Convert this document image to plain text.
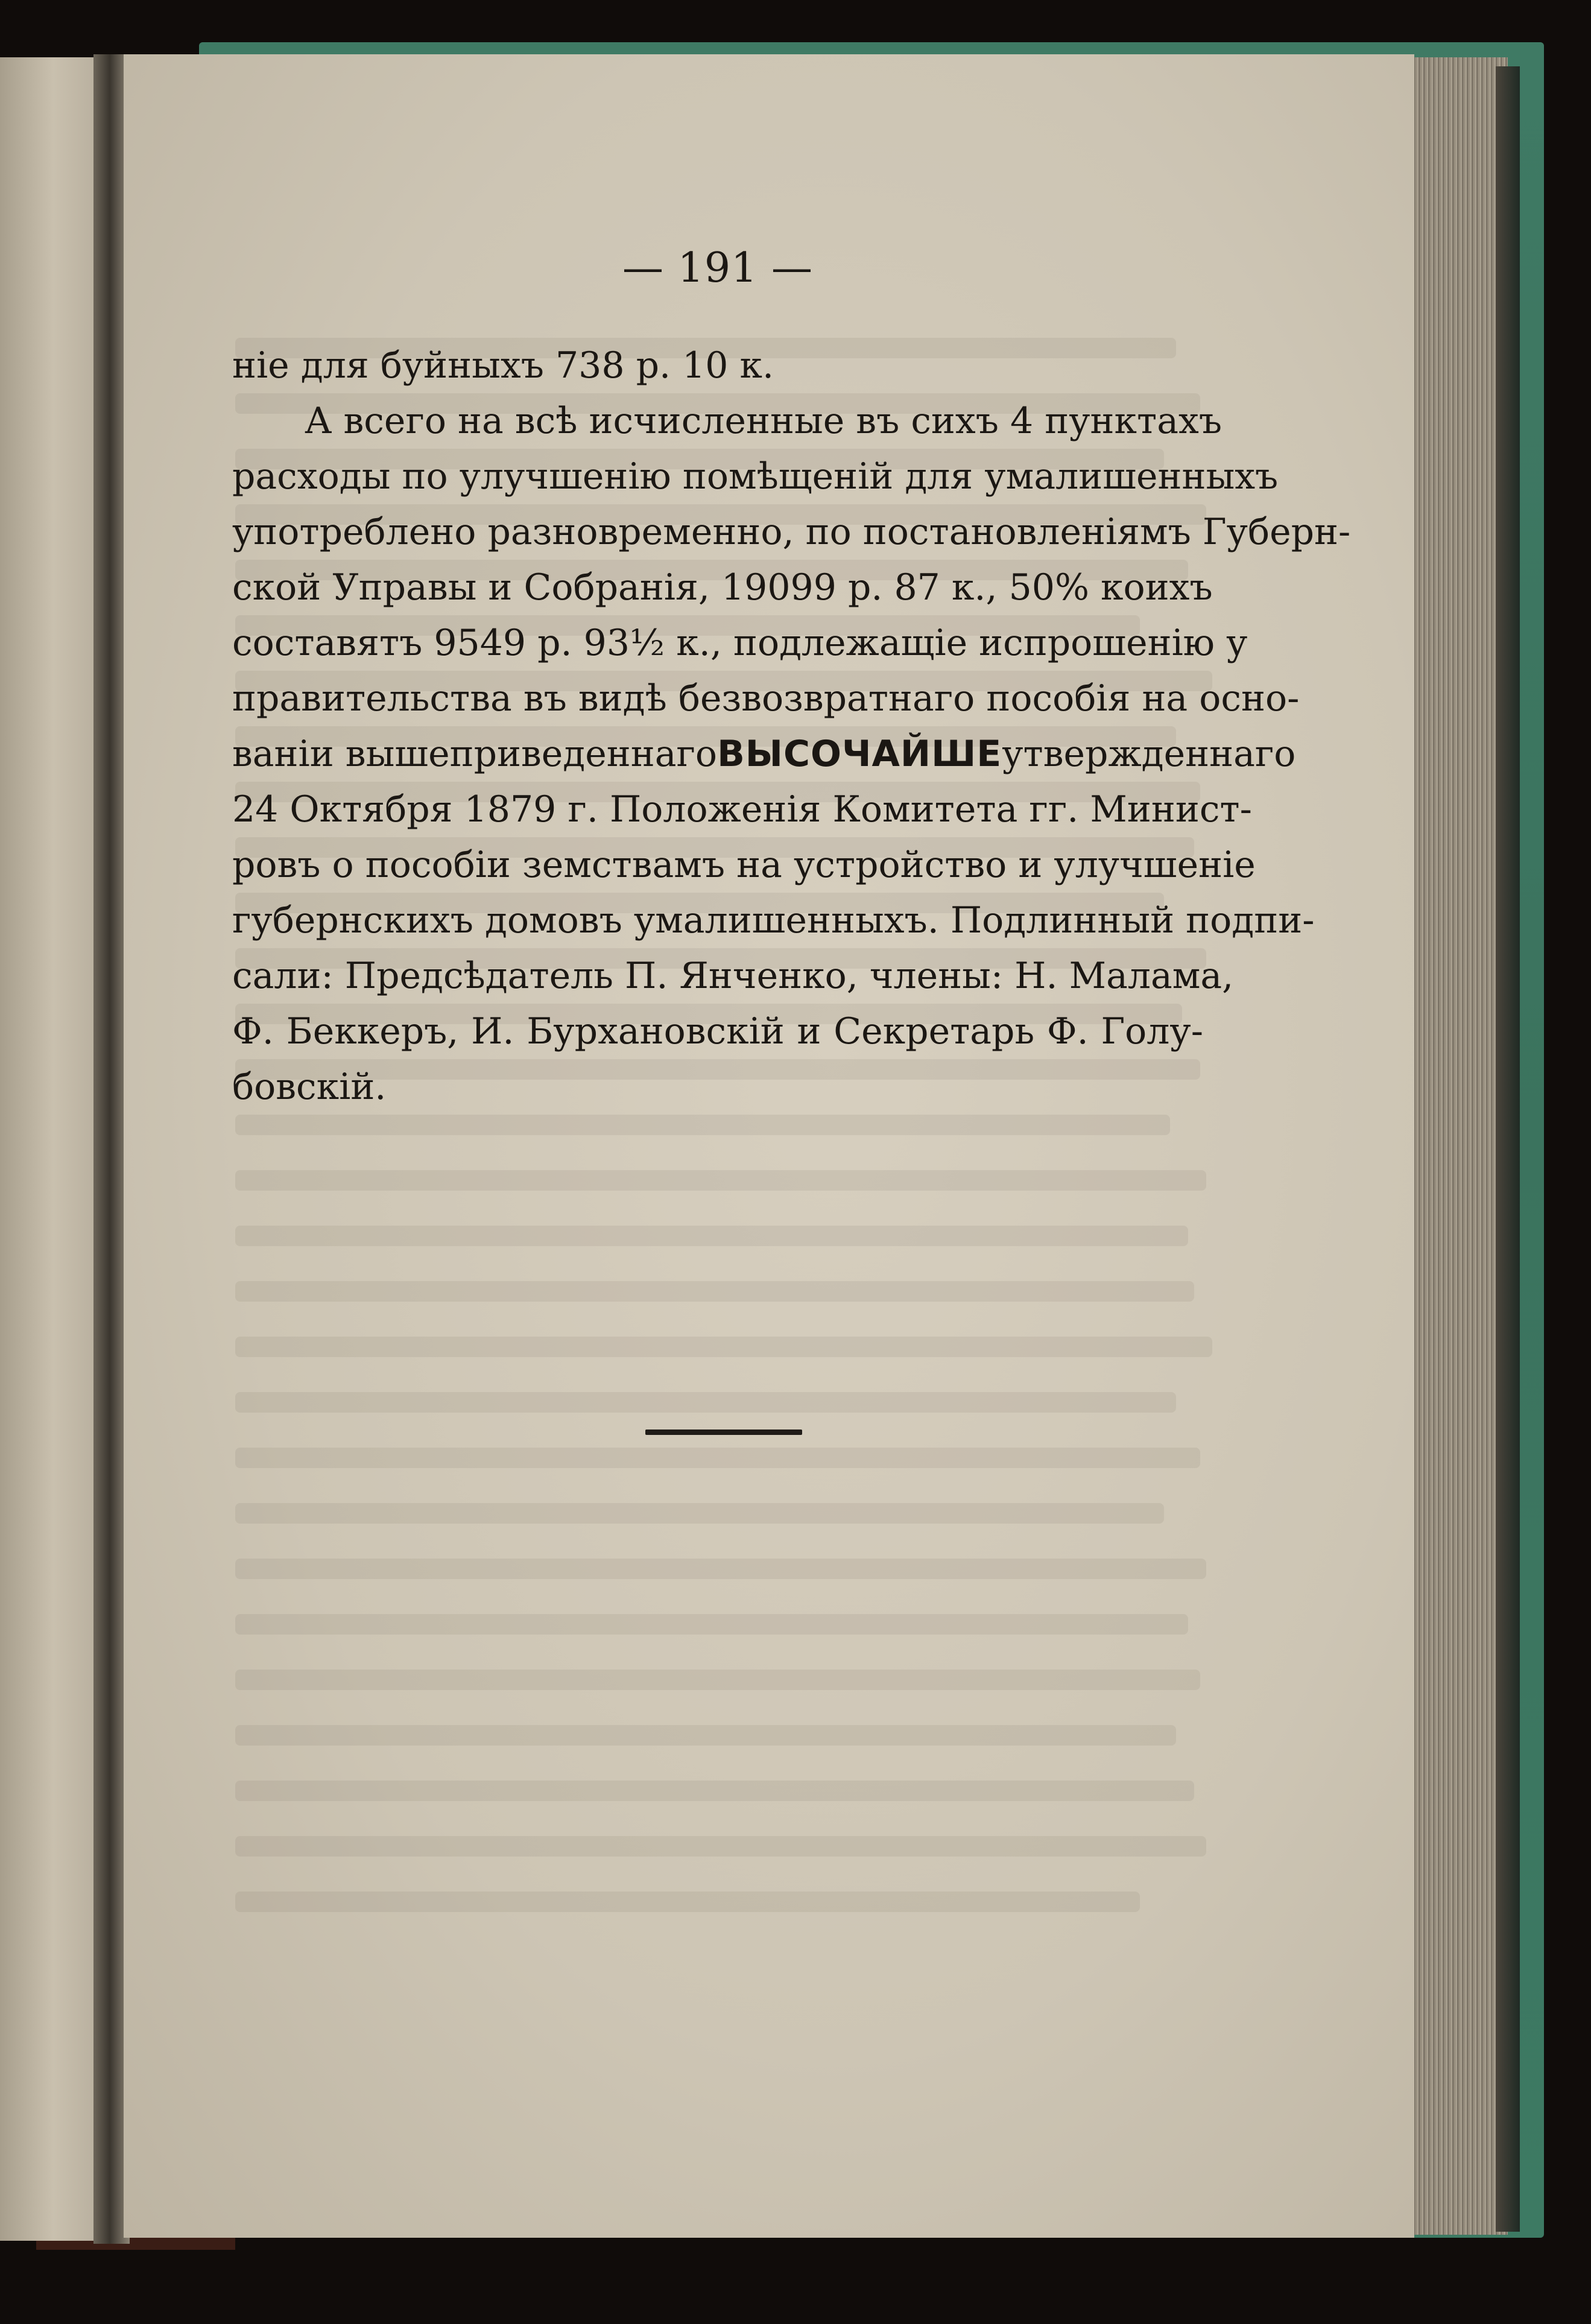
— 191 —
ніе для буйныхъ 738 р. 10 к.
А всего на всѣ исчисленные въ сихъ 4 пунктахъ
расходы по улучшенію помѣщеній для умалишенныхъ
употреблено разновременно, по постановленіямъ Губерн-
ской Управы и Собранія, 19099 р. 87 к., 50% коихъ
составятъ 9549 р. 93½ к., подлежащіе испрошенію у
правительства въ видѣ безвозвратнаго пособія на осно-
ваніи вышеприведеннаго ВЫСОЧАЙШЕ утвержденнаго
24 Октября 1879 г. Положенія Комитета гг. Минист-
ровъ о пособіи земствамъ на устройство и улучшеніе
губернскихъ домовъ умалишенныхъ. Подлинный подпи-
сали: Предсѣдатель П. Янченко, члены: Н. Малама,
Ф. Беккеръ, И. Бурхановскій и Секретарь Ф. Голу-
бовскій.
